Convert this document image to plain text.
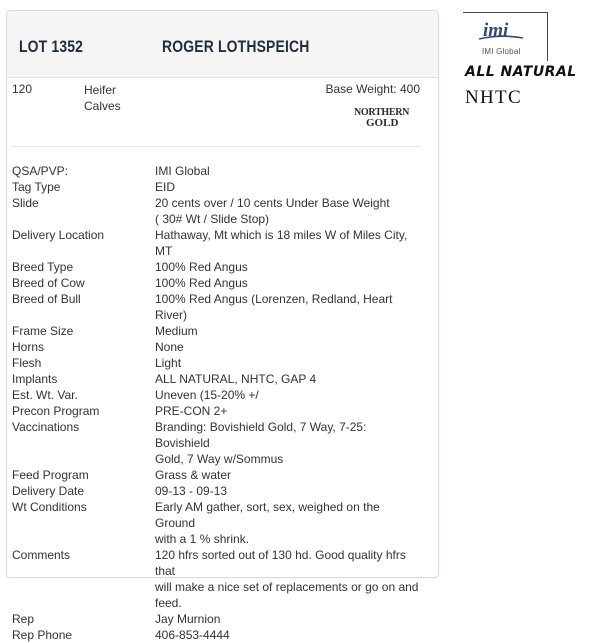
LOT 1352	ROGER LOTHSPEICH
120	Heifer
Calves
Base Weight: 400
NORTHERN
GOLD
QSA/PVP:	IMI Global
Tag Type	EID
Slide	20 cents over / 10 cents Under Base Weight
( 30# Wt / Slide Stop)
Delivery Location	Hathaway, Mt which is 18 miles W of Miles City, MT
Breed Type	100% Red Angus
Breed of Cow	100% Red Angus
Breed of Bull	100% Red Angus (Lorenzen, Redland, Heart River)
Frame Size	Medium
Horns	None
Flesh	Light
Implants	ALL NATURAL, NHTC, GAP 4
Est. Wt. Var.	Uneven (15-20% +/
Precon Program	PRE-CON 2+
Vaccinations	Branding: Bovishield Gold, 7 Way, 7-25: Bovishield
Gold, 7 Way w/Sommus
Feed Program	Grass & water
Delivery Date	09-13 - 09-13
Wt Conditions	Early AM gather, sort, sex, weighed on the Ground
with a 1 % shrink.
Comments	120 hfrs sorted out of 130 hd. Good quality hfrs that
will make a nice set of replacements or go on and
feed.
Rep	Jay Murnion
Rep Phone	406-853-4444
imi
IMI Global
ALL NATURAL
NHTC
